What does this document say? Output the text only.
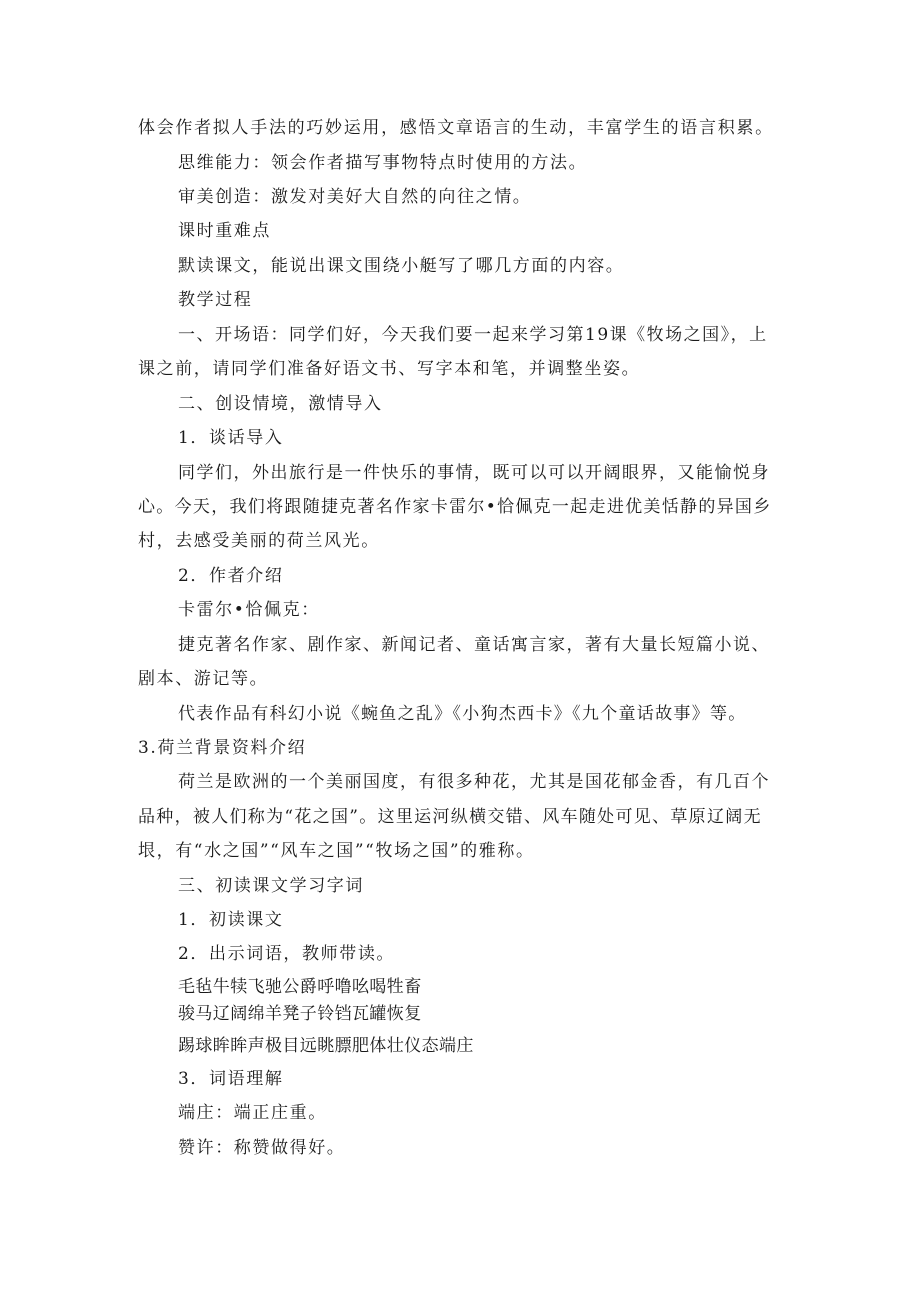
体会作者拟人手法的巧妙运用，感悟文章语言的生动，丰富学生的语言积累。

思维能力：领会作者描写事物特点时使用的方法。

审美创造：激发对美好大自然的向往之情。

课时重难点

默读课文，能说出课文围绕小艇写了哪几方面的内容。

教学过程

一、开场语：同学们好，今天我们要一起来学习第19课《牧场之国》，上

课之前，请同学们准备好语文书、写字本和笔，并调整坐姿。

二、创设情境，激情导入

1．谈话导入

同学们，外出旅行是一件快乐的事情，既可以可以开阔眼界，又能愉悦身

心。今天，我们将跟随捷克著名作家卡雷尔•恰佩克一起走进优美恬静的异国乡

村，去感受美丽的荷兰风光。

2．作者介绍

卡雷尔•恰佩克：

捷克著名作家、剧作家、新闻记者、童话寓言家，著有大量长短篇小说、

剧本、游记等。

代表作品有科幻小说《蜿鱼之乱》《小狗杰西卡》《九个童话故事》等。

3.荷兰背景资料介绍

荷兰是欧洲的一个美丽国度，有很多种花，尤其是国花郁金香，有几百个

品种，被人们称为“花之国”。这里运河纵横交错、风车随处可见、草原辽阔无

垠，有“水之国”“风车之国”“牧场之国”的雅称。

三、初读课文学习字词

1．初读课文

2．出示词语，教师带读。

毛毡牛犊飞驰公爵呼噜吆喝牲畜

骏马辽阔绵羊凳子铃铛瓦罐恢复

踢球眸眸声极目远眺膘肥体壮仪态端庄

3．词语理解

端庄：端正庄重。

赞许：称赞做得好。
